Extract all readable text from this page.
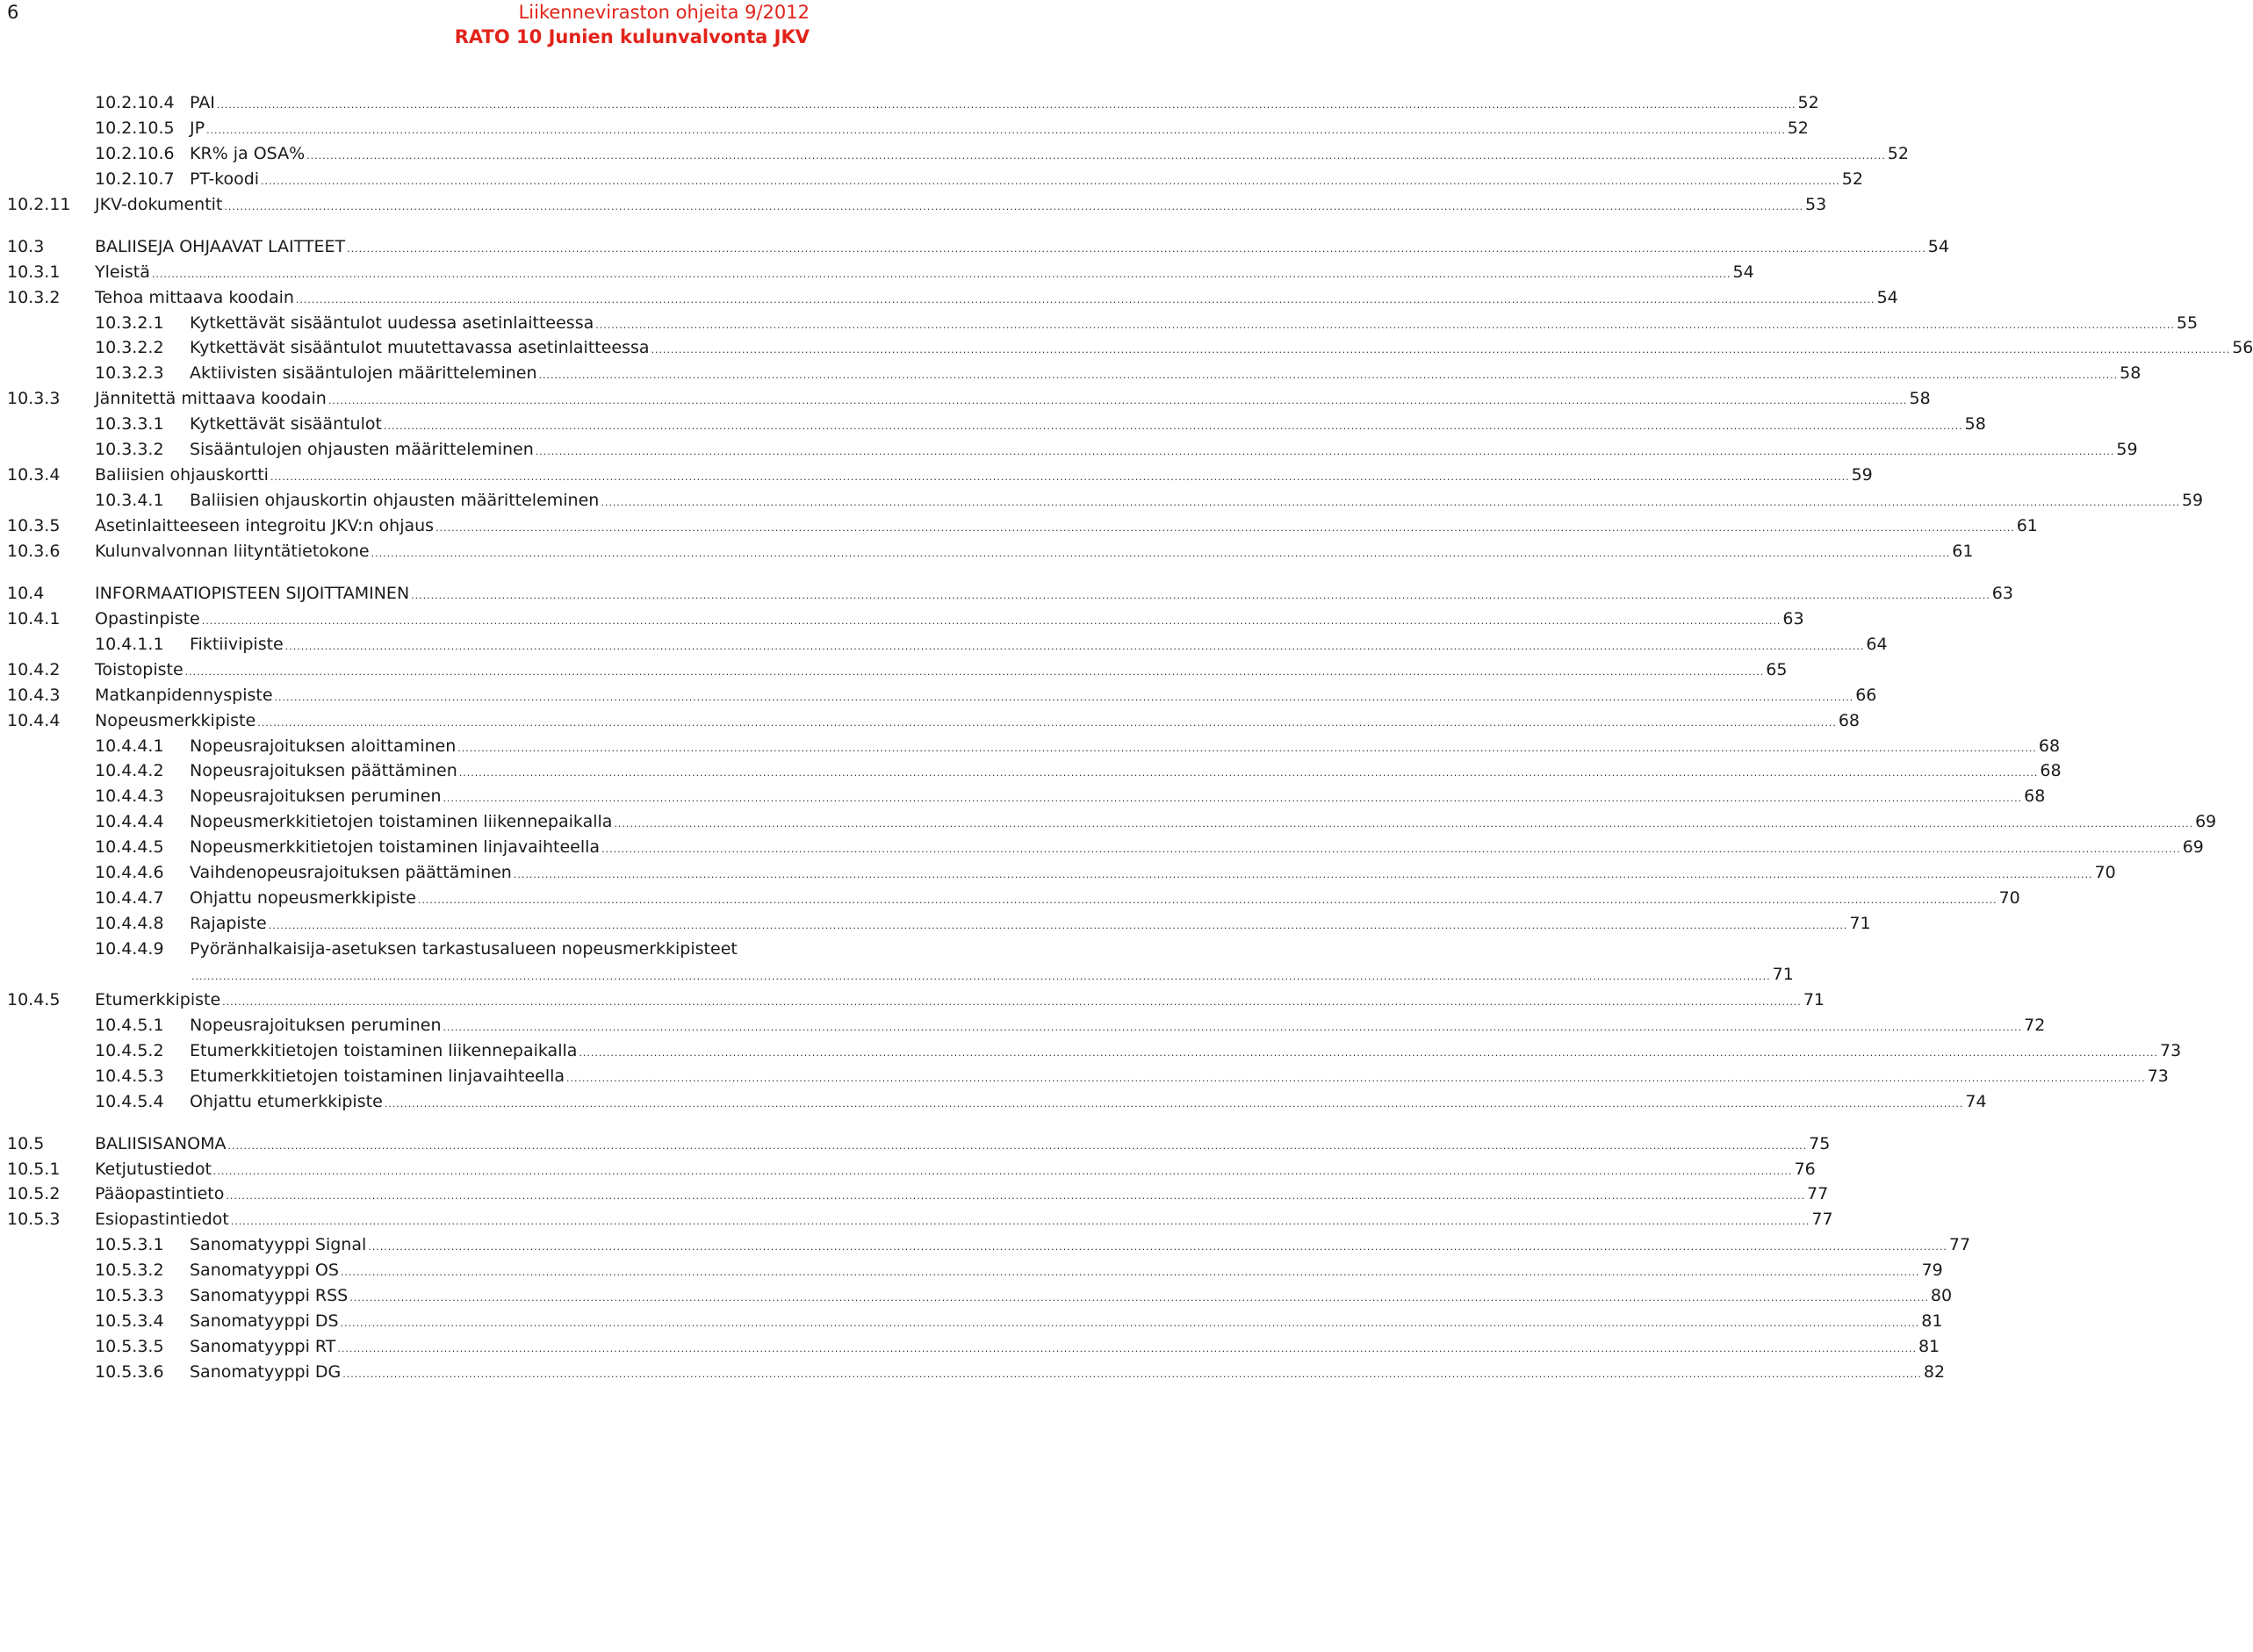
6	Liikenneviraston ohjeita 9/2012
RATO 10 Junien kulunvalvonta JKV
10.2.10.4 PAI ................................................................................................................................................................................................................................................................................................................................................................................................................ 52
10.2.10.5 JP ................................................................................................................................................................................................................................................................................................................................................................................................................ 52
10.2.10.6 KR% ja OSA% ................................................................................................................................................................................................................................................................................................................................................................................................................ 52
10.2.10.7 PT-koodi ................................................................................................................................................................................................................................................................................................................................................................................................................ 52
10.2.11 JKV-dokumentit ................................................................................................................................................................................................................................................................................................................................................................................................................ 53
10.3	BALIISEJA OHJAAVAT LAITTEET ................................................................................................................................................................................................................................................................................................................................................................................................................ 54
10.3.1 Yleistä ................................................................................................................................................................................................................................................................................................................................................................................................................ 54
10.3.2 Tehoa mittaava koodain ................................................................................................................................................................................................................................................................................................................................................................................................................ 54
10.3.2.1 Kytkettävät sisääntulot uudessa asetinlaitteessa ................................................................................................................................................................................................................................................................................................................................................................................................................ 55
10.3.2.2 Kytkettävät sisääntulot muutettavassa asetinlaitteessa ................................................................................................................................................................................................................................................................................................................................................................................................................ 56
10.3.2.3 Aktiivisten sisääntulojen määritteleminen ................................................................................................................................................................................................................................................................................................................................................................................................................ 58
10.3.3 Jännitettä mittaava koodain ................................................................................................................................................................................................................................................................................................................................................................................................................ 58
10.3.3.1 Kytkettävät sisääntulot ................................................................................................................................................................................................................................................................................................................................................................................................................ 58
10.3.3.2 Sisääntulojen ohjausten määritteleminen ................................................................................................................................................................................................................................................................................................................................................................................................................ 59
10.3.4 Baliisien ohjauskortti ................................................................................................................................................................................................................................................................................................................................................................................................................ 59
10.3.4.1 Baliisien ohjauskortin ohjausten määritteleminen ................................................................................................................................................................................................................................................................................................................................................................................................................ 59
10.3.5 Asetinlaitteeseen integroitu JKV:n ohjaus ................................................................................................................................................................................................................................................................................................................................................................................................................ 61
10.3.6 Kulunvalvonnan liityntätietokone ................................................................................................................................................................................................................................................................................................................................................................................................................ 61
10.4	INFORMAATIOPISTEEN SIJOITTAMINEN ................................................................................................................................................................................................................................................................................................................................................................................................................ 63
10.4.1 Opastinpiste ................................................................................................................................................................................................................................................................................................................................................................................................................ 63
10.4.1.1 Fiktiivipiste ................................................................................................................................................................................................................................................................................................................................................................................................................ 64
10.4.2 Toistopiste ................................................................................................................................................................................................................................................................................................................................................................................................................ 65
10.4.3 Matkanpidennyspiste ................................................................................................................................................................................................................................................................................................................................................................................................................ 66
10.4.4 Nopeusmerkkipiste ................................................................................................................................................................................................................................................................................................................................................................................................................ 68
10.4.4.1 Nopeusrajoituksen aloittaminen ................................................................................................................................................................................................................................................................................................................................................................................................................ 68
10.4.4.2 Nopeusrajoituksen päättäminen ................................................................................................................................................................................................................................................................................................................................................................................................................ 68
10.4.4.3 Nopeusrajoituksen peruminen ................................................................................................................................................................................................................................................................................................................................................................................................................ 68
10.4.4.4 Nopeusmerkkitietojen toistaminen liikennepaikalla ................................................................................................................................................................................................................................................................................................................................................................................................................ 69
10.4.4.5 Nopeusmerkkitietojen toistaminen linjavaihteella ................................................................................................................................................................................................................................................................................................................................................................................................................ 69
10.4.4.6 Vaihdenopeusrajoituksen päättäminen ................................................................................................................................................................................................................................................................................................................................................................................................................ 70
10.4.4.7 Ohjattu nopeusmerkkipiste ................................................................................................................................................................................................................................................................................................................................................................................................................ 70
10.4.4.8 Rajapiste ................................................................................................................................................................................................................................................................................................................................................................................................................ 71
10.4.4.9 Pyöränhalkaisija-asetuksen tarkastusalueen nopeusmerkkipisteet
................................................................................................................................................................................................................................................................................................................................................................................................................ 71
10.4.5 Etumerkkipiste ................................................................................................................................................................................................................................................................................................................................................................................................................ 71
10.4.5.1 Nopeusrajoituksen peruminen ................................................................................................................................................................................................................................................................................................................................................................................................................ 72
10.4.5.2 Etumerkkitietojen toistaminen liikennepaikalla ................................................................................................................................................................................................................................................................................................................................................................................................................ 73
10.4.5.3 Etumerkkitietojen toistaminen linjavaihteella ................................................................................................................................................................................................................................................................................................................................................................................................................ 73
10.4.5.4 Ohjattu etumerkkipiste ................................................................................................................................................................................................................................................................................................................................................................................................................ 74
10.5	BALIISISANOMA ................................................................................................................................................................................................................................................................................................................................................................................................................ 75
10.5.1 Ketjutustiedot ................................................................................................................................................................................................................................................................................................................................................................................................................ 76
10.5.2 Pääopastintieto ................................................................................................................................................................................................................................................................................................................................................................................................................ 77
10.5.3 Esiopastintiedot ................................................................................................................................................................................................................................................................................................................................................................................................................ 77
10.5.3.1 Sanomatyyppi Signal ................................................................................................................................................................................................................................................................................................................................................................................................................ 77
10.5.3.2 Sanomatyyppi OS ................................................................................................................................................................................................................................................................................................................................................................................................................ 79
10.5.3.3 Sanomatyyppi RSS ................................................................................................................................................................................................................................................................................................................................................................................................................ 80
10.5.3.4 Sanomatyyppi DS ................................................................................................................................................................................................................................................................................................................................................................................................................ 81
10.5.3.5 Sanomatyyppi RT ................................................................................................................................................................................................................................................................................................................................................................................................................ 81
10.5.3.6 Sanomatyyppi DG ................................................................................................................................................................................................................................................................................................................................................................................................................ 82
